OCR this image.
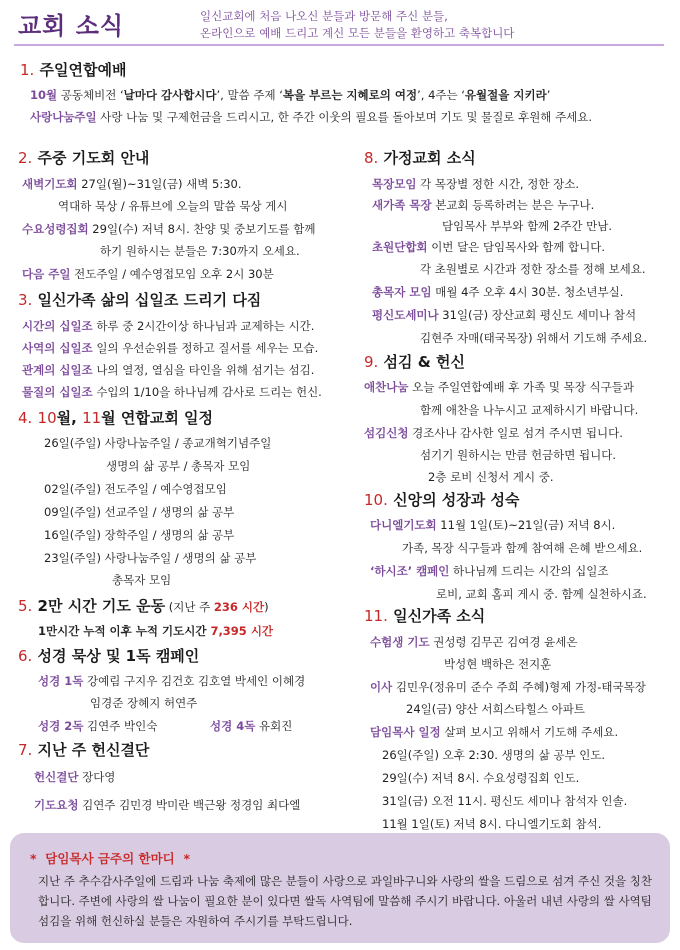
교회 소식	일신교회에 처음 나오신 분들과 방문해 주신 분들,
온라인으로 예배 드리고 계신 모든 분들을 환영하고 축복합니다
1. 주일연합예배
10월 공동체비전 ‘날마다 감사합시다’, 말씀 주제 ‘복을 부르는 지혜로의 여정’, 4주는 ‘유월절을 지키라’
사랑나눔주일 사랑 나눔 및 구제헌금을 드리시고, 한 주간 이웃의 필요를 돌아보며 기도 및 물질로 후원해 주세요.
2. 주중 기도회 안내
새벽기도회 27일(월)~31일(금) 새벽 5:30.
역대하 묵상 / 유튜브에 오늘의 말씀 묵상 게시
수요성령집회 29일(수) 저녁 8시. 찬양 및 중보기도를 함께
하기 원하시는 분들은 7:30까지 오세요.
다음 주일 전도주일 / 예수영접모임 오후 2시 30분
3. 일신가족 삶의 십일조 드리기 다짐
시간의 십일조 하루 중 2시간이상 하나님과 교제하는 시간.
사역의 십일조 일의 우선순위를 정하고 질서를 세우는 모습.
관계의 십일조 나의 열정, 열심을 타인을 위해 섬기는 섬김.
물질의 십일조 수입의 1/10을 하나님께 감사로 드리는 헌신.
4. 10월, 11월 연합교회 일정
26일(주일) 사랑나눔주일 / 종교개혁기념주일
생명의 삶 공부 / 총목자 모임
02일(주일) 전도주일 / 예수영접모임
09일(주일) 선교주일 / 생명의 삶 공부
16일(주일) 장학주일 / 생명의 삶 공부
23일(주일) 사랑나눔주일 / 생명의 삶 공부
총목자 모임
5. 2만 시간 기도 운동 (지난 주 236 시간)
1만시간 누적 이후 누적 기도시간 7,395 시간
6. 성경 묵상 및 1독 캠페인
성경 1독 강예림 구지우 김건호 김호열 박세인 이혜경
임경준 장혜지 허연주
성경 2독 김연주 박인숙	성경 4독 유회진
7. 지난 주 헌신결단
헌신결단 장다영
기도요청 김연주 김민경 박미란 백근왕 정경임 최다엘
8. 가정교회 소식
목장모임 각 목장별 정한 시간, 정한 장소.
새가족 목장 본교회 등록하려는 분은 누구나.
담임목사 부부와 함께 2주간 만남.
초원단합회 이번 달은 담임목사와 함께 합니다.
각 초원별로 시간과 정한 장소를 정해 보세요.
총목자 모임 매월 4주 오후 4시 30분. 청소년부실.
평신도세미나 31일(금) 장산교회 평신도 세미나 참석
김현주 자매(태국목장) 위해서 기도해 주세요.
9. 섬김 & 헌신
애찬나눔 오늘 주일연합예배 후 가족 및 목장 식구들과
함께 애찬을 나누시고 교제하시기 바랍니다.
섬김신청 경조사나 감사한 일로 섬겨 주시면 됩니다.
섬기기 원하시는 만큼 헌금하면 됩니다.
2층 로비 신청서 게시 중.
10. 신앙의 성장과 성숙
다니엘기도회 11월 1일(토)~21일(금) 저녁 8시.
가족, 목장 식구들과 함께 참여해 은혜 받으세요.
‘하시조’ 캠페인 하나님께 드리는 시간의 십일조
로비, 교회 홈피 게시 중. 함께 실천하시죠.
11. 일신가족 소식
수험생 기도 권성령 김무곤 김여경 윤세온
박성현 백하은 전지훈
이사 김민우(정유미 준수 주희 주혜)형제 가정-태국목장
24일(금) 양산 서희스타힐스 아파트
담임목사 일정 살펴 보시고 위해서 기도해 주세요.
26일(주일) 오후 2:30. 생명의 삶 공부 인도.
29일(수) 저녁 8시. 수요성령집회 인도.
31일(금) 오전 11시. 평신도 세미나 참석자 인솔.
11월 1일(토) 저녁 8시. 다니엘기도회 참석.
* 담임목사 금주의 한마디 *
지난 주 추수감사주일에 드림과 나눔 축제에 많은 분들이 사랑으로 과일바구니와 사랑의 쌀을 드림으로 섬겨 주신 것을 칭찬합니다. 주변에 사랑의 쌀 나눔이 필요한 분이 있다면 쌀독 사역팀에 말씀해 주시기 바랍니다. 아울러 내년 사랑의 쌀 사역팀 섬김을 위해 헌신하실 분들은 자원하여 주시기를 부탁드립니다.
